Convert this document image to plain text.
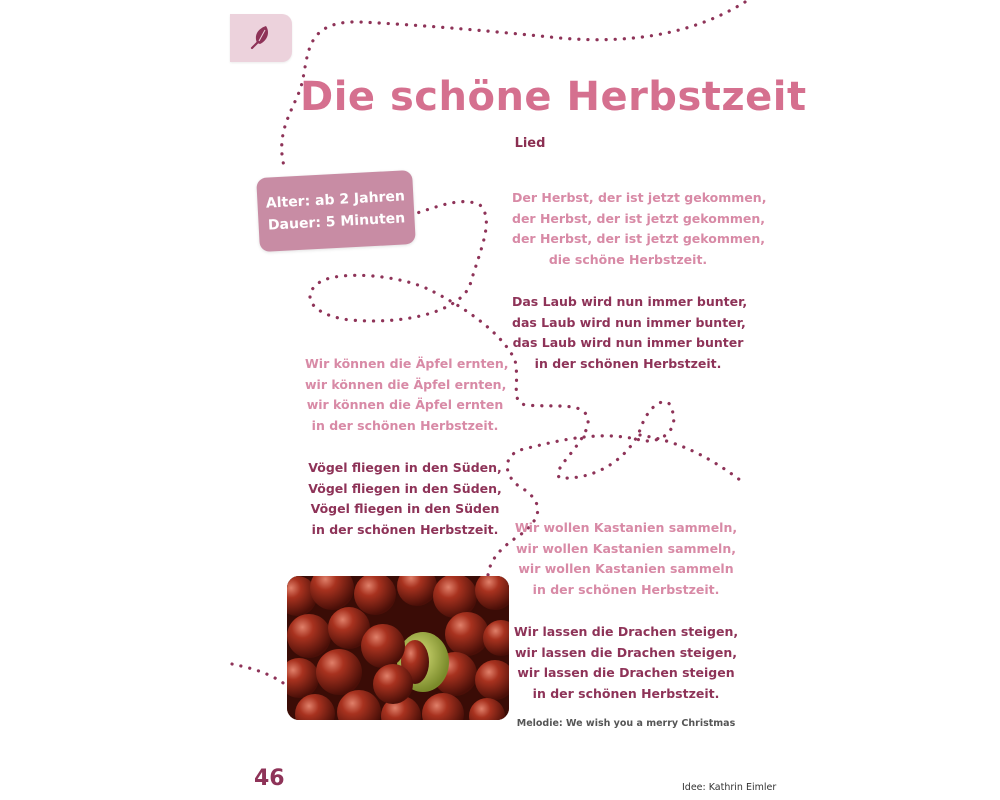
Die schöne Herbstzeit
Lied
Alter: ab 2 Jahren
Dauer: 5 Minuten
Der Herbst, der ist jetzt gekommen,
der Herbst, der ist jetzt gekommen,
der Herbst, der ist jetzt gekommen,
die schöne Herbstzeit.
Das Laub wird nun immer bunter,
das Laub wird nun immer bunter,
das Laub wird nun immer bunter
in der schönen Herbstzeit.
Wir können die Äpfel ernten,
wir können die Äpfel ernten,
wir können die Äpfel ernten
in der schönen Herbstzeit.
Vögel fliegen in den Süden,
Vögel fliegen in den Süden,
Vögel fliegen in den Süden
in der schönen Herbstzeit.	Wir wollen Kastanien sammeln,
wir wollen Kastanien sammeln,
wir wollen Kastanien sammeln
in der schönen Herbstzeit.
Wir lassen die Drachen steigen,
wir lassen die Drachen steigen,
wir lassen die Drachen steigen
in der schönen Herbstzeit.
Melodie: We wish you a merry Christmas
46	Idee: Kathrin Eimler
